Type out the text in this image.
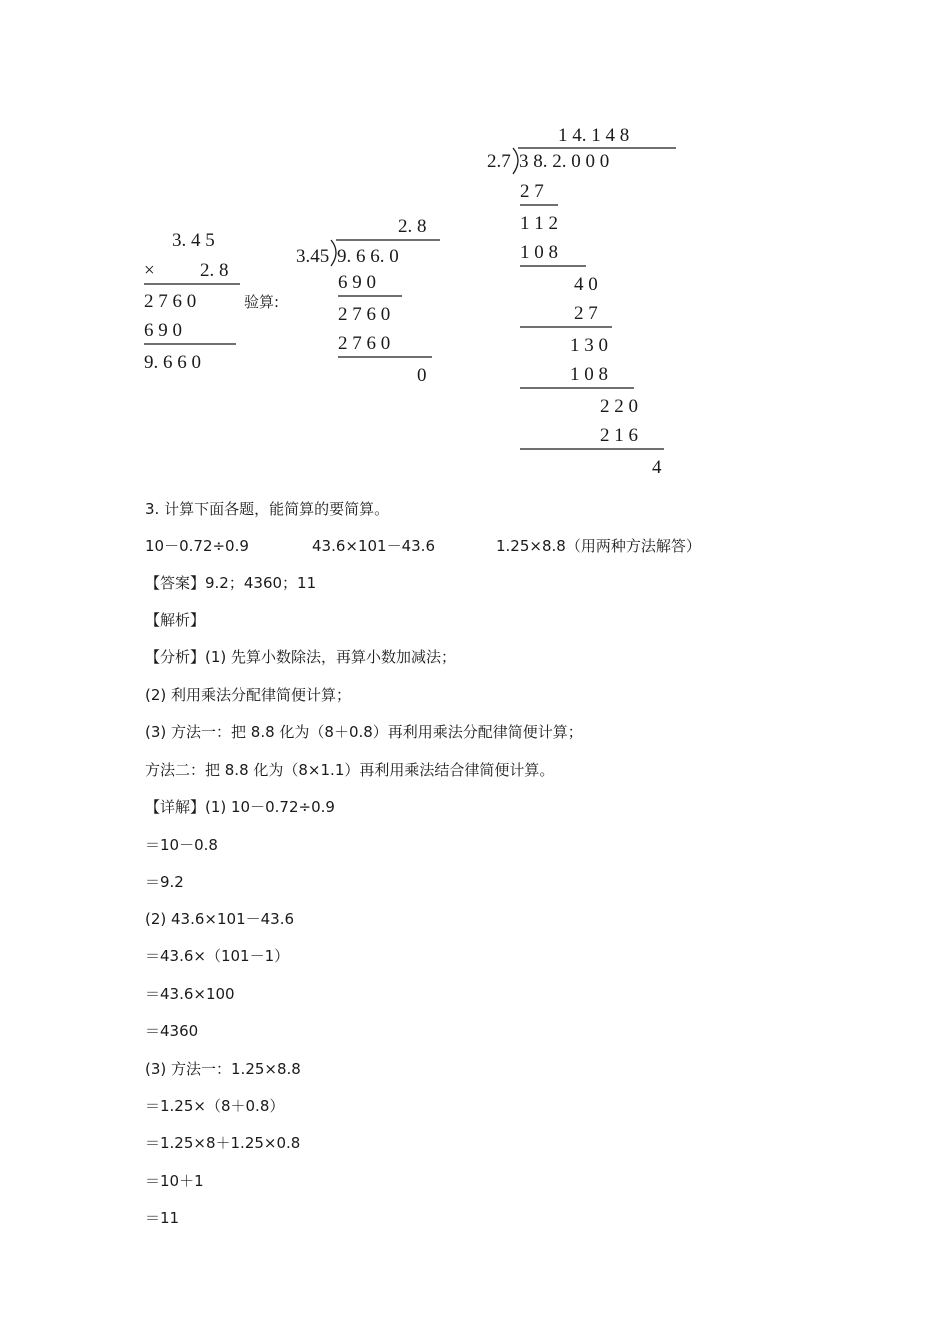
3. 4 5
× 2. 8
2 7 6 0	验算:
6 9 0
9. 6 6 0
2. 8
3.45 9. 6 6. 0
6 9 0
2 7 6 0
2 7 6 0
0
1 4. 1 4 8
2.7 3 8. 2. 0 0 0
2 7
1 1 2
1 0 8
4 0
2 7
1 3 0
1 0 8
2 2 0
2 1 6
4
3. 计算下面各题，能简算的要简算。
10－0.72÷0.9	43.6×101－43.6	1.25×8.8（用两种方法解答）
【答案】9.2；4360；11
【解析】
【分析】(1) 先算小数除法，再算小数加减法；
(2) 利用乘法分配律简便计算；
(3) 方法一：把 8.8 化为（8＋0.8）再利用乘法分配律简便计算；
方法二：把 8.8 化为（8×1.1）再利用乘法结合律简便计算。
【详解】(1) 10－0.72÷0.9
＝10－0.8
＝9.2
(2) 43.6×101－43.6
＝43.6×（101－1）
＝43.6×100
＝4360
(3) 方法一：1.25×8.8
＝1.25×（8＋0.8）
＝1.25×8＋1.25×0.8
＝10＋1
＝11
